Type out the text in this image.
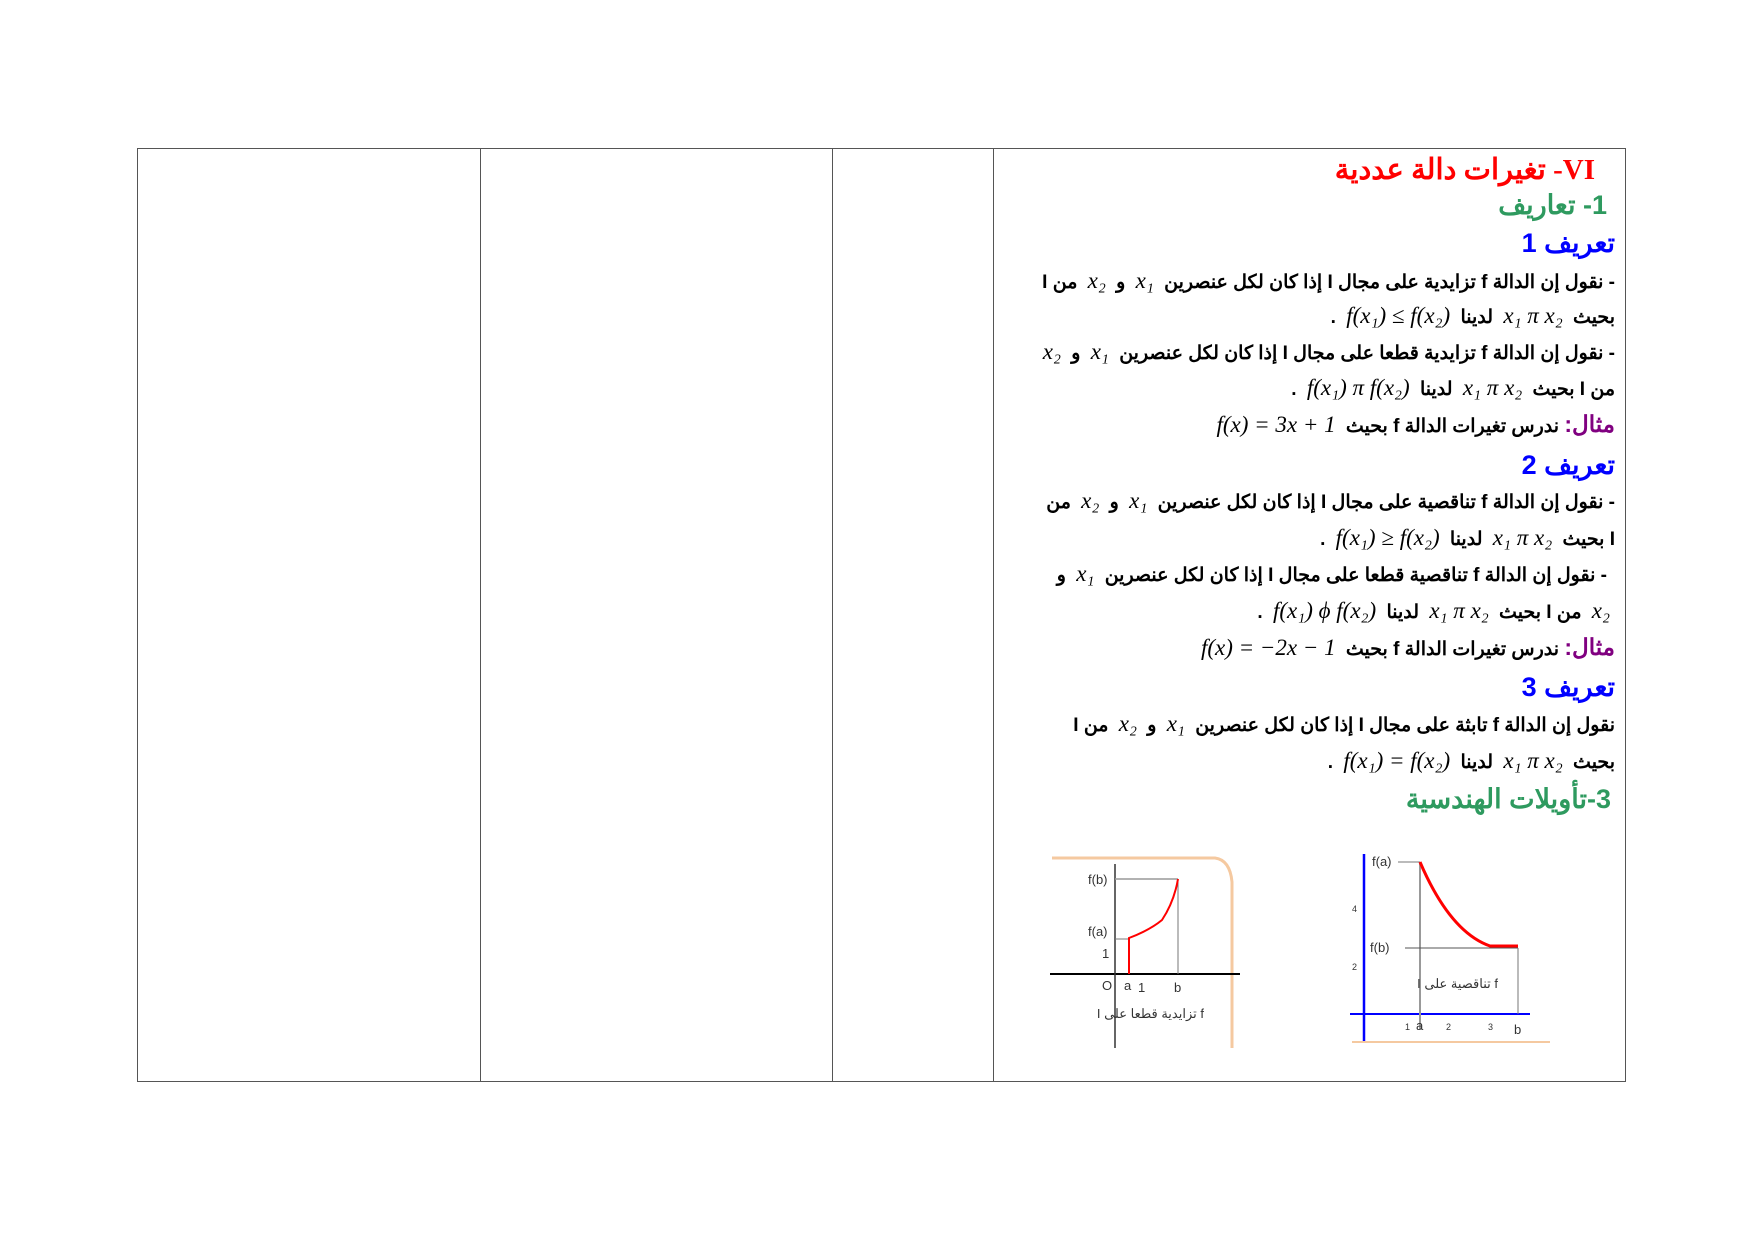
VI- تغيرات دالة عددية
1- تعاريف
تعريف 1
- نقول إن الدالة f تزايدية على مجال I إذا كان لكل عنصرين x₁ و x₂ من I
بحيث x₁ π x₂ لدينا f(x₁) ≤ f(x₂) .
- نقول إن الدالة f تزايدية قطعا على مجال I إذا كان لكل عنصرين x₁ و x₂
من I بحيث x₁ π x₂ لدينا f(x₁) π f(x₂) .
مثال: ندرس تغيرات الدالة f بحيث f(x) = 3x + 1
تعريف 2
- نقول إن الدالة f تناقصية على مجال I إذا كان لكل عنصرين x₁ و x₂ من
I بحيث x₁ π x₂ لدينا f(x₁) ≥ f(x₂) .
- نقول إن الدالة f تناقصية قطعا على مجال I إذا كان لكل عنصرين x₁ و
x₂ من I بحيث x₁ π x₂ لدينا f(x₁) ϕ f(x₂) .
مثال: ندرس تغيرات الدالة f بحيث f(x) = −2x − 1
تعريف 3
نقول إن الدالة f تابثة على مجال I إذا كان لكل عنصرين x₁ و x₂ من I
بحيث x₁ π x₂ لدينا f(x₁) = f(x₂) .
3-تأويلات الهندسية
f(b)
f(a)
1
O a 1 b
f تزايدية قطعا على I
f(a)
4
f(b)
2
f تناقصية على I
1 a	2	3 b
